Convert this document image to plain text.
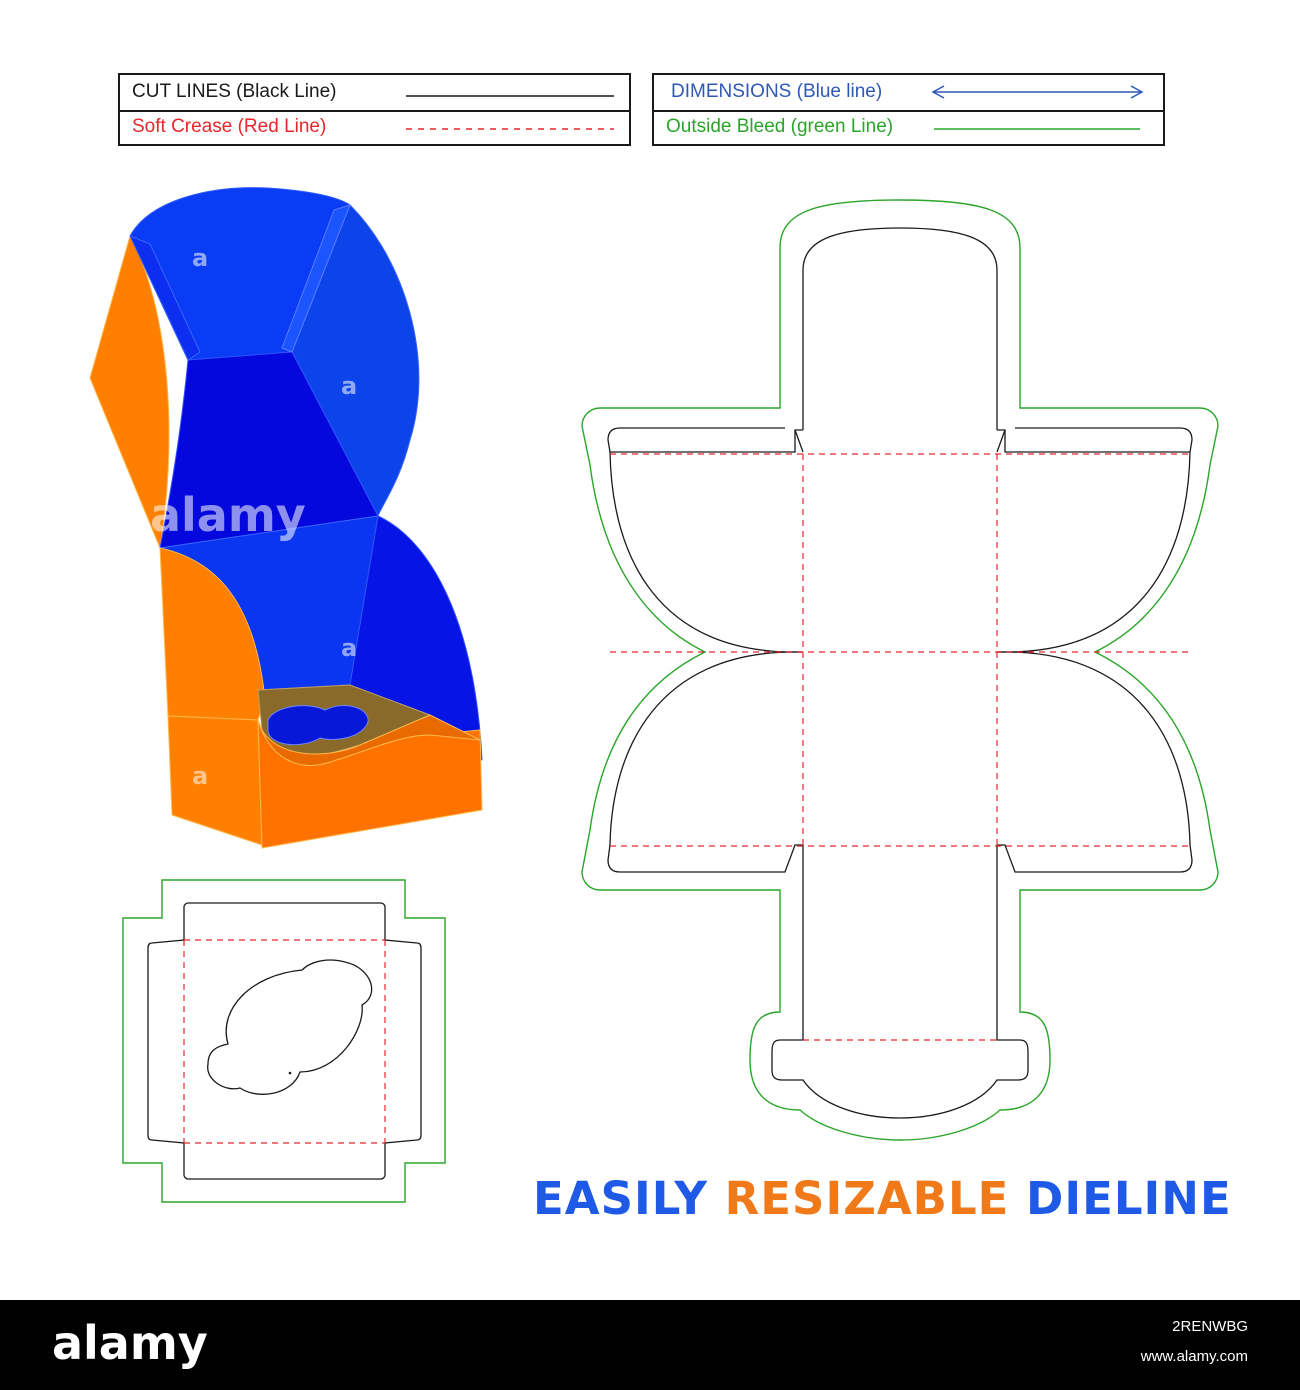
CUT LINES (Black Line)
Soft Crease (Red Line)
DIMENSIONS (Blue line)
Outside Bleed (green Line)
alamy
a
a
a
a
EASILY RESIZABLE DIELINE
alamy	2RENWBG
www.alamy.com
